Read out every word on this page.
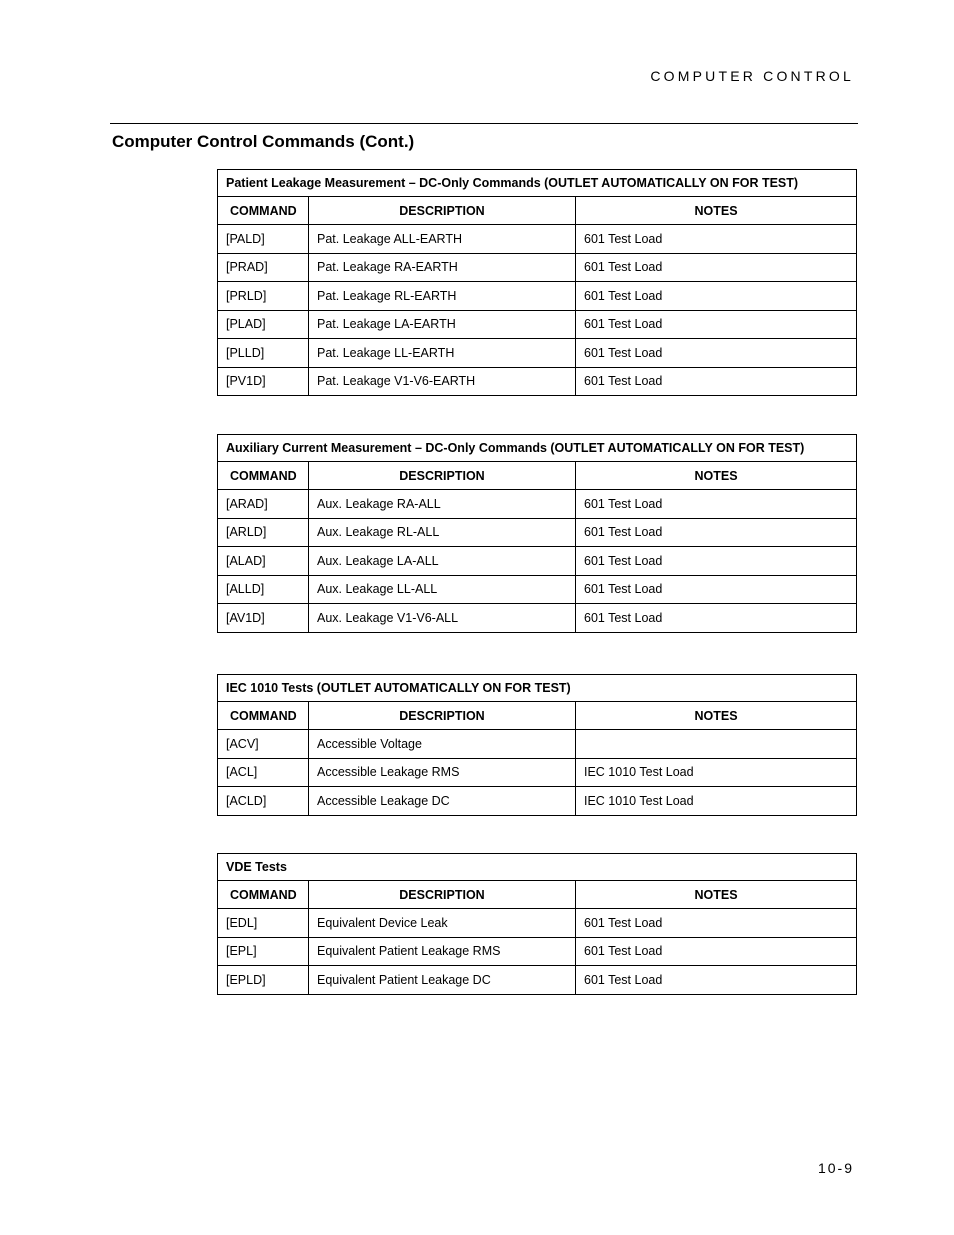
COMPUTER CONTROL
Computer Control Commands (Cont.)
Patient Leakage Measurement – DC-Only Commands (OUTLET AUTOMATICALLY ON FOR TEST)		
COMMAND	DESCRIPTION	NOTES
[PALD]	Pat. Leakage ALL-EARTH	601 Test Load
[PRAD]	Pat. Leakage RA-EARTH	601 Test Load
[PRLD]	Pat. Leakage RL-EARTH	601 Test Load
[PLAD]	Pat. Leakage LA-EARTH	601 Test Load
[PLLD]	Pat. Leakage LL-EARTH	601 Test Load
[PV1D]	Pat. Leakage V1-V6-EARTH	601 Test Load
Auxiliary Current Measurement – DC-Only Commands (OUTLET AUTOMATICALLY ON FOR TEST)		
COMMAND	DESCRIPTION	NOTES
[ARAD]	Aux. Leakage RA-ALL	601 Test Load
[ARLD]	Aux. Leakage RL-ALL	601 Test Load
[ALAD]	Aux. Leakage LA-ALL	601 Test Load
[ALLD]	Aux. Leakage LL-ALL	601 Test Load
[AV1D]	Aux. Leakage V1-V6-ALL	601 Test Load
IEC 1010 Tests (OUTLET AUTOMATICALLY ON FOR TEST)		
COMMAND	DESCRIPTION	NOTES
[ACV]	Accessible Voltage	
[ACL]	Accessible Leakage RMS	IEC 1010 Test Load
[ACLD]	Accessible Leakage DC	IEC 1010 Test Load
VDE Tests		
COMMAND	DESCRIPTION	NOTES
[EDL]	Equivalent Device Leak	601 Test Load
[EPL]	Equivalent Patient Leakage RMS	601 Test Load
[EPLD]	Equivalent Patient Leakage DC	601 Test Load
10-9
